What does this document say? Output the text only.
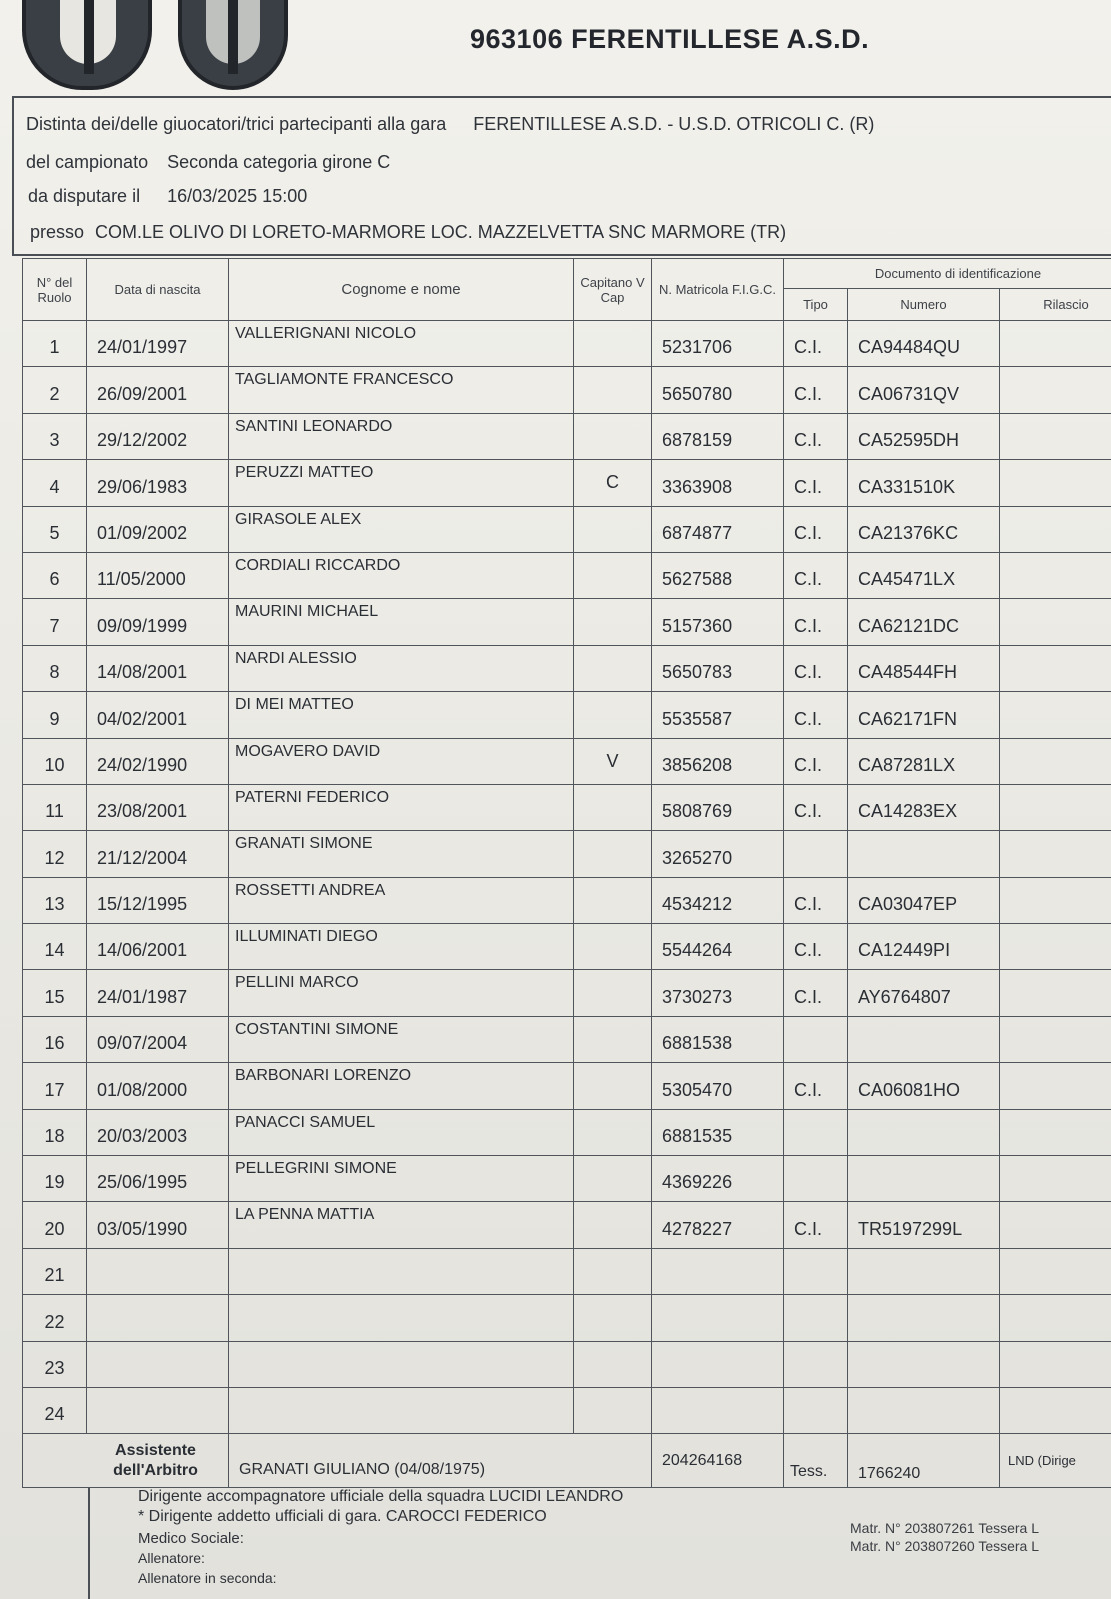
963106 FERENTILLESE A.S.D.
Distinta dei/delle giuocatori/trici partecipanti alla gara FERENTILLESE A.S.D. - U.S.D. OTRICOLI C. (R)
del campionato Seconda categoria girone C
da disputare il 16/03/2025 15:00
presso COM.LE OLIVO DI LORETO-MARMORE LOC. MAZZELVETTA SNC MARMORE (TR)
N° del Ruolo	Data di nascita	Cognome e nome	Capitano V Cap	N. Matricola F.I.G.C.	Documento di identificazione		
					Tipo	Numero	Rilascio
1	24/01/1997	VALLERIGNANI NICOLO		5231706	C.I.	CA94484QU	
2	26/09/2001	TAGLIAMONTE FRANCESCO		5650780	C.I.	CA06731QV	
3	29/12/2002	SANTINI LEONARDO		6878159	C.I.	CA52595DH	
4	29/06/1983	PERUZZI MATTEO	C	3363908	C.I.	CA331510K	
5	01/09/2002	GIRASOLE ALEX		6874877	C.I.	CA21376KC	
6	11/05/2000	CORDIALI RICCARDO		5627588	C.I.	CA45471LX	
7	09/09/1999	MAURINI MICHAEL		5157360	C.I.	CA62121DC	
8	14/08/2001	NARDI ALESSIO		5650783	C.I.	CA48544FH	
9	04/02/2001	DI MEI MATTEO		5535587	C.I.	CA62171FN	
10	24/02/1990	MOGAVERO DAVID	V	3856208	C.I.	CA87281LX	
11	23/08/2001	PATERNI FEDERICO		5808769	C.I.	CA14283EX	
12	21/12/2004	GRANATI SIMONE		3265270			
13	15/12/1995	ROSSETTI ANDREA		4534212	C.I.	CA03047EP	
14	14/06/2001	ILLUMINATI DIEGO		5544264	C.I.	CA12449PI	
15	24/01/1987	PELLINI MARCO		3730273	C.I.	AY6764807	
16	09/07/2004	COSTANTINI SIMONE		6881538			
17	01/08/2000	BARBONARI LORENZO		5305470	C.I.	CA06081HO	
18	20/03/2003	PANACCI SAMUEL		6881535			
19	25/06/1995	PELLEGRINI SIMONE		4369226			
20	03/05/1990	LA PENNA MATTIA		4278227	C.I.	TR5197299L	
21							
22							
23							
24							
Assistente dell'Arbitro		GRANATI GIULIANO (04/08/1975)		204264168	Tess.	1766240	LND (Dirige
Dirigente accompagnatore ufficiale della squadra LUCIDI LEANDRO
* Dirigente addetto ufficiali di gara. CAROCCI FEDERICO
Medico Sociale:
Allenatore:
Allenatore in seconda:
Matr. N° 203807261 Tessera L
Matr. N° 203807260 Tessera L
